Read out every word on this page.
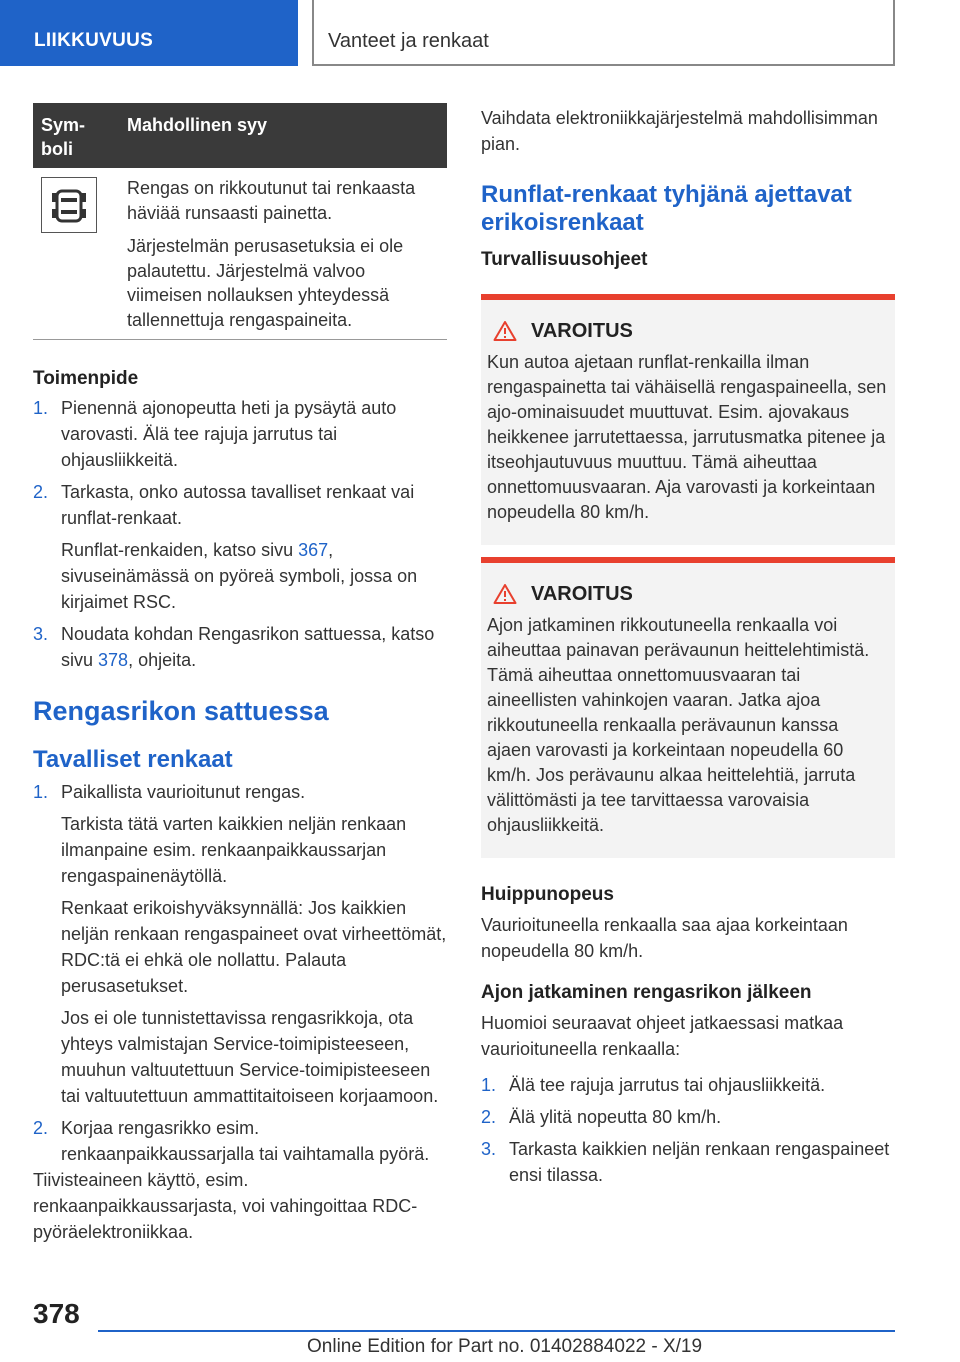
LIIKKUVUUS	Vanteet ja renkaat
Sym-
boli
Mahdollinen syy

Rengas on rikkoutunut tai renkaasta häviää runsaasti painetta.

Järjestelmän perusasetuksia ei ole palautettu. Järjestelmä valvoo viimeisen nollauksen yhteydessä tallennettuja rengaspaineita.

Toimenpide
1. Pienennä ajonopeutta heti ja pysäytä auto varovasti. Älä tee rajuja jarrutus tai ohjausliikkeitä.

2. Tarkasta, onko autossa tavalliset renkaat vai runflat-renkaat.

Runflat-renkaiden, katso sivu 367, sivuseinämässä on pyöreä symboli, jossa on kirjaimet RSC.

3. Noudata kohdan Rengasrikon sattuessa, katso sivu 378, ohjeita.

Rengasrikon sattuessa
Tavalliset renkaat
1. Paikallista vaurioitunut rengas.

Tarkista tätä varten kaikkien neljän renkaan ilmanpaine esim. renkaanpaikkaussarjan rengaspainenäytöllä.

Renkaat erikoishyväksynnällä: Jos kaikkien neljän renkaan rengaspaineet ovat virheettömät, RDC:tä ei ehkä ole nollattu. Palauta perusasetukset.

Jos ei ole tunnistettavissa rengasrikkoja, ota yhteys valmistajan Service-toimipisteeseen, muuhun valtuutettuun Service-toimipisteeseen tai valtuutettuun ammattitaitoiseen korjaamoon.

2. Korjaa rengasrikko esim. renkaanpaikkaussarjalla tai vaihtamalla pyörä.

Tiivisteaineen käyttö, esim. renkaanpaikkaussarjasta, voi vahingoittaa RDC-pyöräelektroniikkaa.

Vaihdata elektroniikkajärjestelmä mahdollisimman pian.

Runflat-renkaat tyhjänä ajettavat erikoisrenkaat
Turvallisuusohjeet
VAROITUS

Kun autoa ajetaan runflat-renkailla ilman rengaspainetta tai vähäisellä rengaspaineella, sen ajo-ominaisuudet muuttuvat. Esim. ajovakaus heikkenee jarrutettaessa, jarrutusmatka pitenee ja itseohjautuvuus muuttuu. Tämä aiheuttaa onnettomuusvaaran. Aja varovasti ja korkeintaan nopeudella 80 km/h.

VAROITUS

Ajon jatkaminen rikkoutuneella renkaalla voi aiheuttaa painavan perävaunun heittelehtimistä. Tämä aiheuttaa onnettomuusvaaran tai aineellisten vahinkojen vaaran. Jatka ajoa rikkoutuneella renkaalla perävaunun kanssa ajaen varovasti ja korkeintaan nopeudella 60 km/h. Jos perävaunu alkaa heittelehtiä, jarruta välittömästi ja tee tarvittaessa varovaisia ohjausliikkeitä.

Huippunopeus

Vaurioituneella renkaalla saa ajaa korkeintaan nopeudella 80 km/h.

Ajon jatkaminen rengasrikon jälkeen

Huomioi seuraavat ohjeet jatkaessasi matkaa vaurioituneella renkaalla:

1. Älä tee rajuja jarrutus tai ohjausliikkeitä.

2. Älä ylitä nopeutta 80 km/h.

3. Tarkasta kaikkien neljän renkaan rengaspaineet ensi tilassa.

378
Online Edition for Part no. 01402884022 - X/19
